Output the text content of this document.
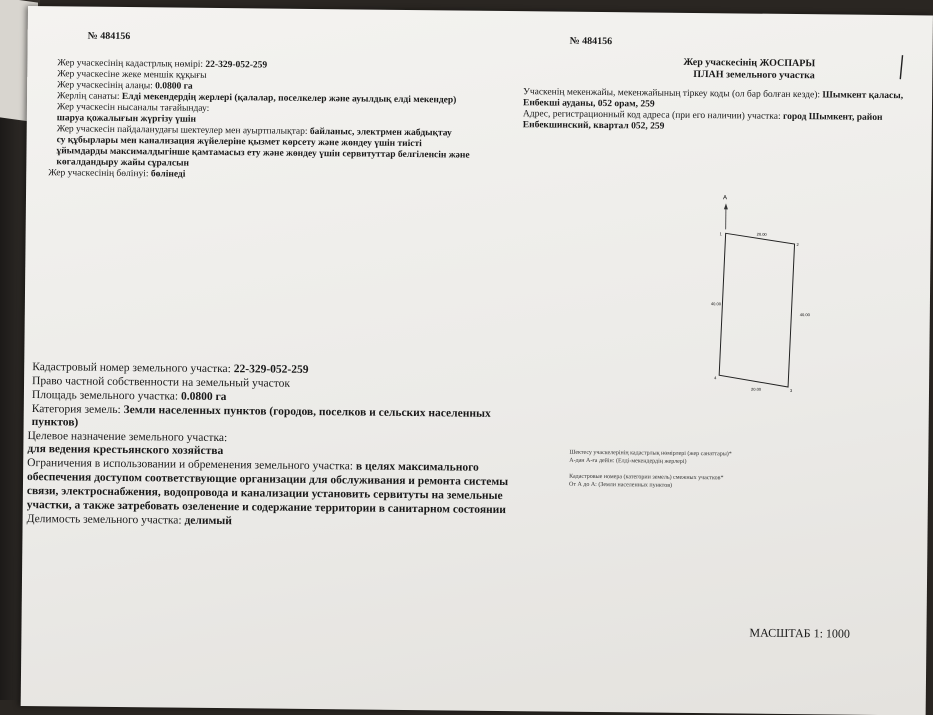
№ 484156	№ 484156
Жер учаскесінің кадастрлық нөмірі: 22-329-052-259
Жер учаскесіне жеке меншік құқығы
Жер учаскесінің алаңы: 0.0800 га
Жерлің санаты: Елді мекендердің жерлері (қалалар, поселкелер және ауылдық елді мекендер)
Жер учаскесін нысаналы тағайындау:
шаруа қожалығын жүргізу үшін
Жер учаскесін пайдаланудағы шектеулер мен ауыртпалықтар: байланыс, электрмен жабдықтау
су құбырлары мен канализация жүйелеріне қызмет көрсету және жөндеу үшін тиісті
ұйымдарды максималдыгінше қамтамасыз ету және жөндеу үшін сервитуттар белгіленсін және
көгалдандыру жайы сұралсын
Жер учаскесінің бөлінуі: бөлінеді
Жер учаскесінің ЖОСПАРЫ
ПЛАН земельного участка
Учаскенің мекенжайы, мекенжайының тіркеу коды (ол бар болған кезде): Шымкент қаласы,
Енбекші ауданы, 052 орам, 259
Адрес, регистрационный код адреса (при его наличии) участка: город Шымкент, район
Енбекшинский, квартал 052, 259
А
1
2
3
4
20.00
20.00
40.00
40.00
Кадастровый номер земельного участка: 22-329-052-259
Право частной собственности на земельный участок
Площадь земельного участка: 0.0800 га
Категория земель: Земли населенных пунктов (городов, поселков и сельских населенных
пунктов)
Целевое назначение земельного участка:
для ведения крестьянского хозяйства
Ограничения в использовании и обременения земельного участка: в целях максимального
обеспечения доступом соответствующие организации для обслуживания и ремонта системы
связи, электроснабжения, водопровода и канализации установить сервитуты на земельные
участки, а также затребовать озеленение и содержание территории в санитарном состоянии
Делимость земельного участка: делимый
Шектесу учаскелерінің кадастрлық нөмірлері (жер санаттары)*
А-дан А-ға дейін: (Елді-мекендердің жерлері)
Кадастровые номера (категории земель) смежных участков*
От А до А: (Земли населенных пунктов)
МАСШТАБ 1: 1000
